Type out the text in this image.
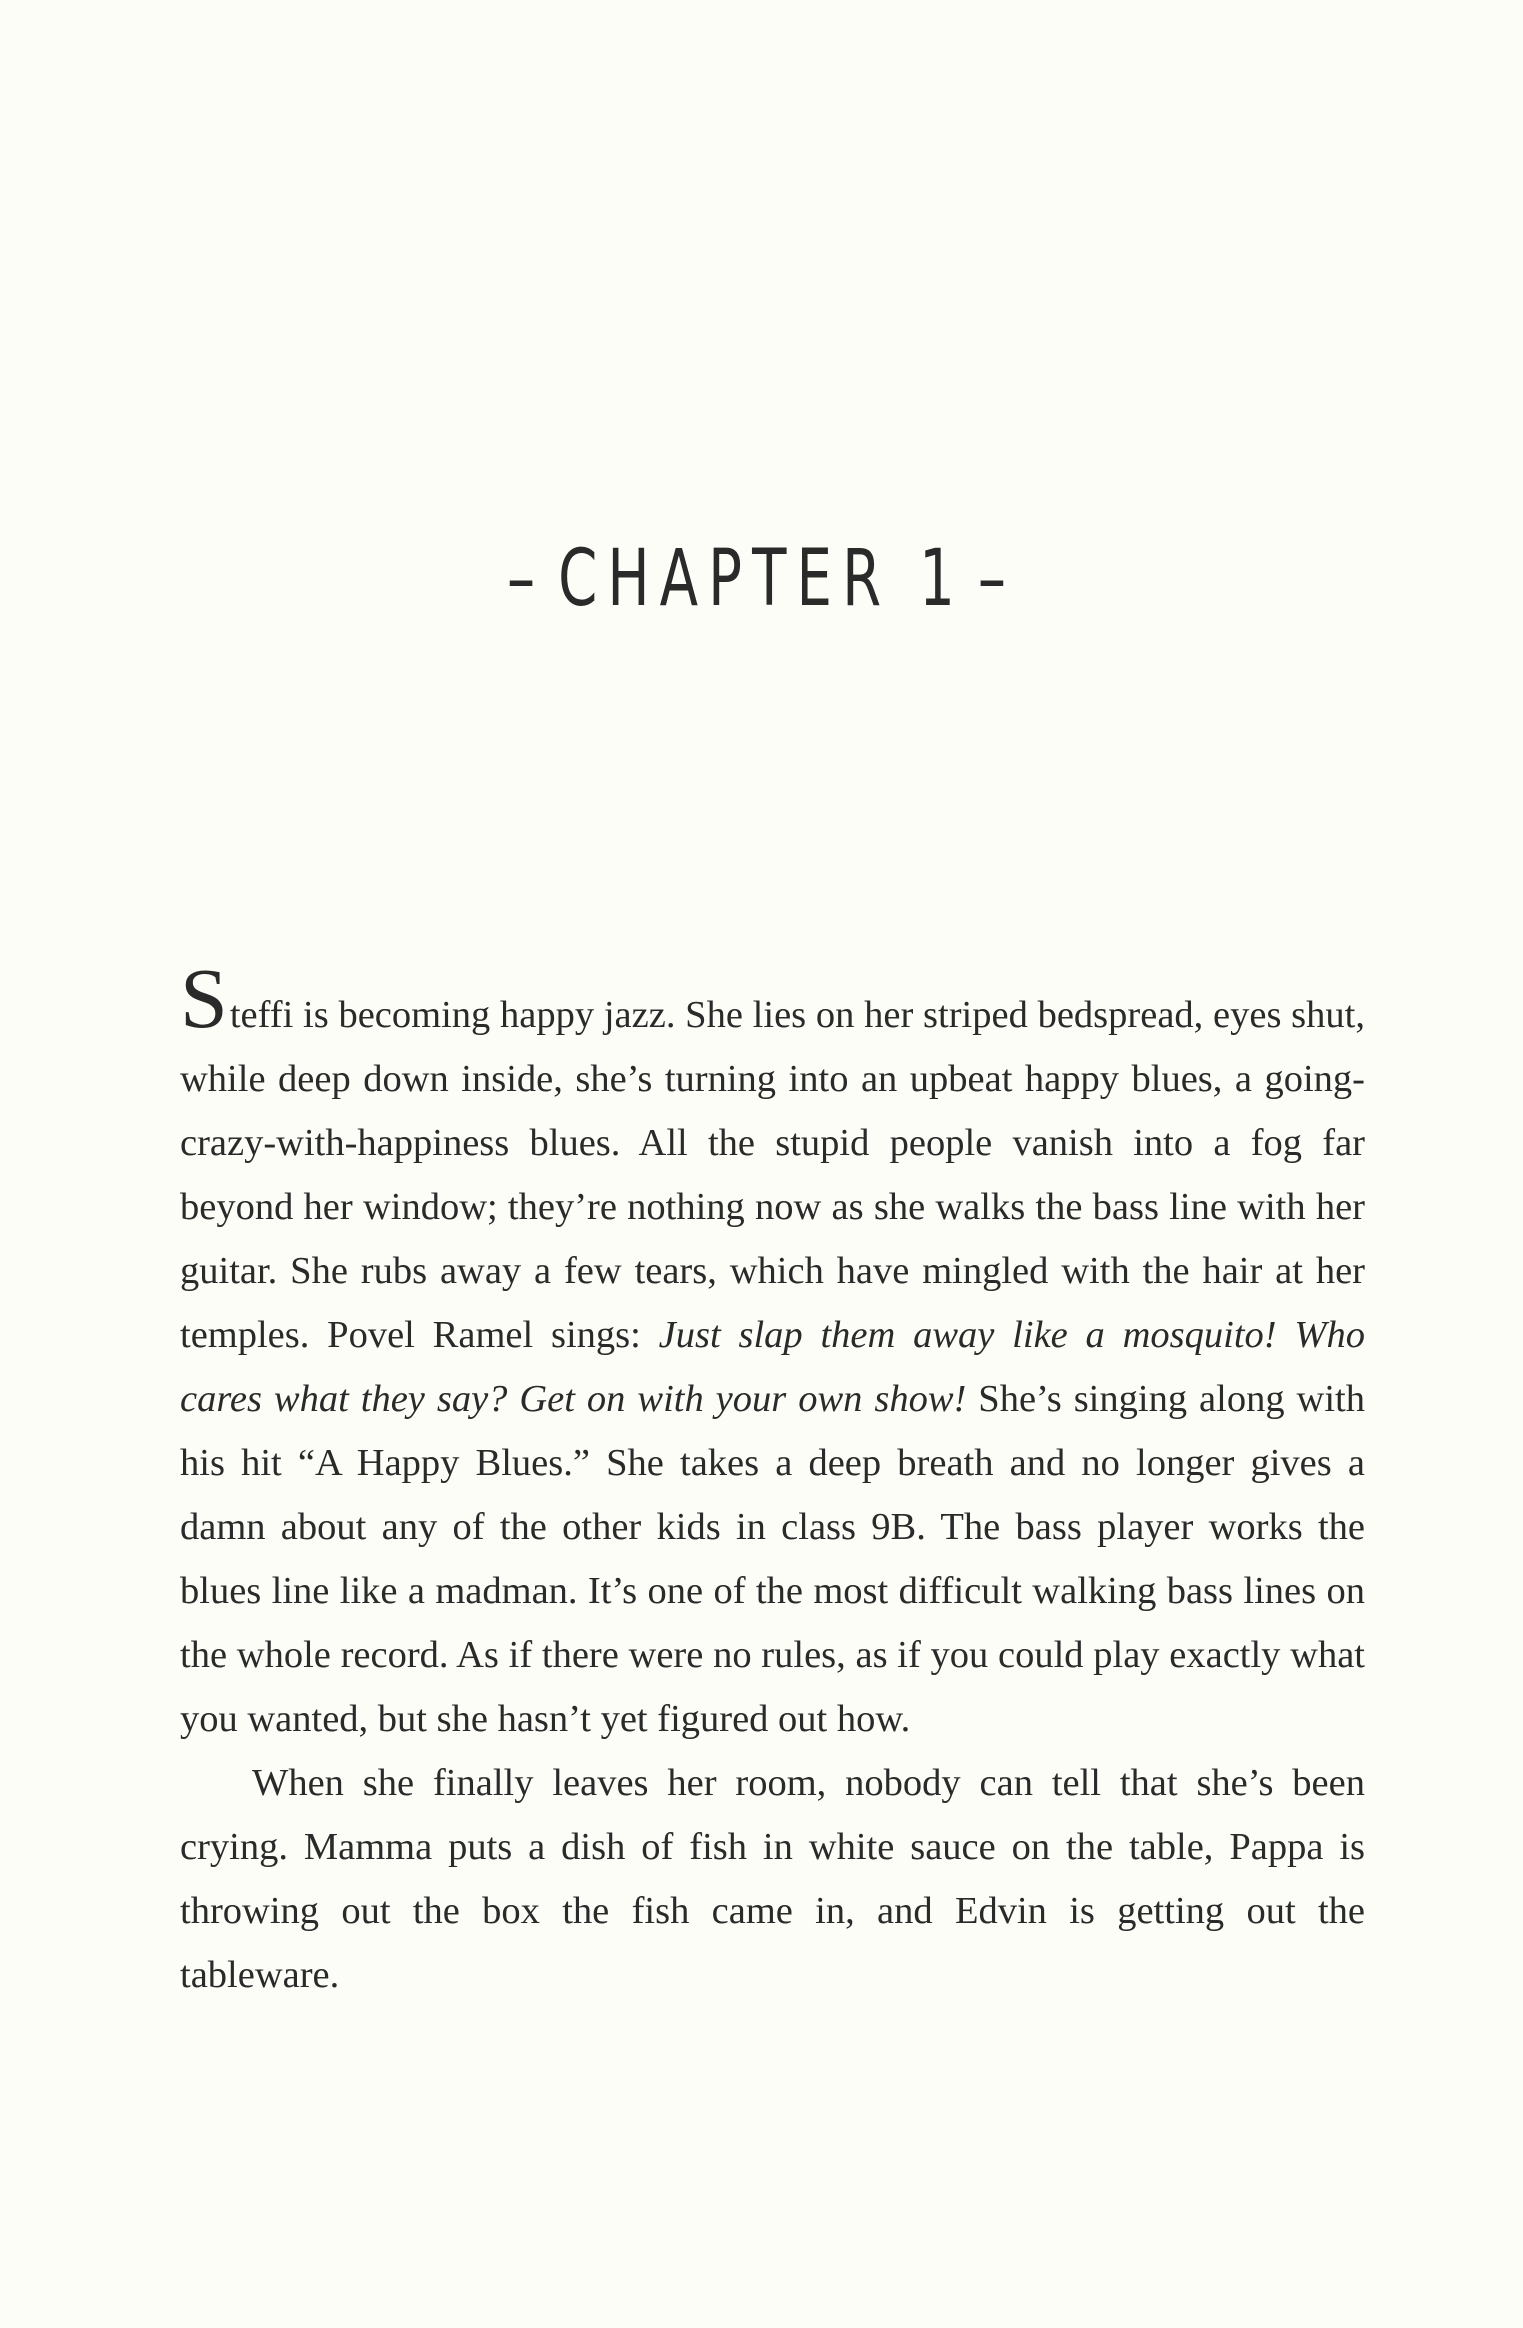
– CHAPTER 1 –

Steffi is becoming happy jazz. She lies on her striped bedspread, eyes shut, while deep down inside, she’s turning into an upbeat happy blues, a going-crazy-with-happiness blues. All the stupid people vanish into a fog far beyond her window; they’re nothing now as she walks the bass line with her guitar. She rubs away a few tears, which have mingled with the hair at her temples. Povel Ramel sings: Just slap them away like a mosquito! Who cares what they say? Get on with your own show! She’s singing along with his hit “A Happy Blues.” She takes a deep breath and no longer gives a damn about any of the other kids in class 9B. The bass player works the blues line like a madman. It’s one of the most difficult walking bass lines on the whole record. As if there were no rules, as if you could play exactly what you wanted, but she hasn’t yet figured out how.

When she finally leaves her room, nobody can tell that she’s been crying. Mamma puts a dish of fish in white sauce on the table, Pappa is throwing out the box the fish came in, and Edvin is getting out the tableware.
